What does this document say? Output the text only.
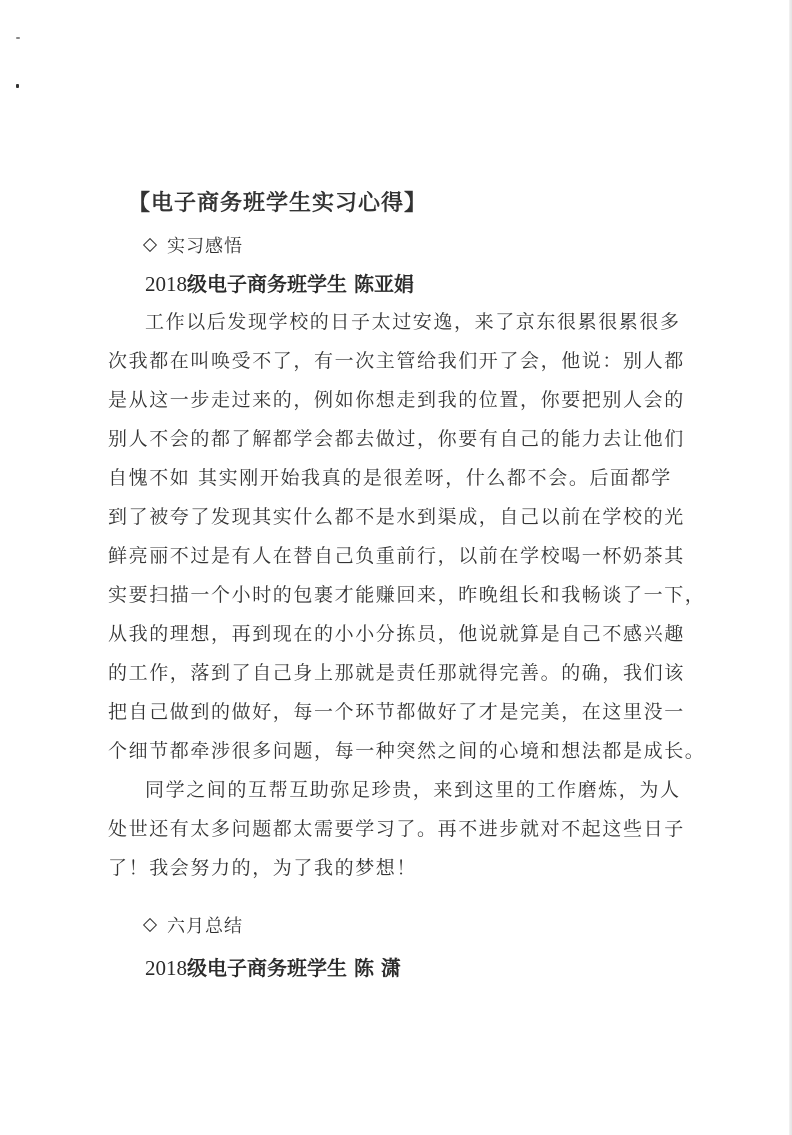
【电子商务班学生实习心得】
实习感悟
2018级电子商务班学生 陈亚娟
工作以后发现学校的日子太过安逸，来了京东很累很累很多
次我都在叫唤受不了，有一次主管给我们开了会，他说：别人都
是从这一步走过来的，例如你想走到我的位置，你要把别人会的
别人不会的都了解都学会都去做过，你要有自己的能力去让他们
自愧不如 其实刚开始我真的是很差呀，什么都不会。后面都学
到了被夸了发现其实什么都不是水到渠成，自己以前在学校的光
鲜亮丽不过是有人在替自己负重前行，以前在学校喝一杯奶茶其
实要扫描一个小时的包裹才能赚回来，昨晚组长和我畅谈了一下，
从我的理想，再到现在的小小分拣员，他说就算是自己不感兴趣
的工作，落到了自己身上那就是责任那就得完善。的确，我们该
把自己做到的做好，每一个环节都做好了才是完美，在这里没一
个细节都牵涉很多问题，每一种突然之间的心境和想法都是成长。
同学之间的互帮互助弥足珍贵，来到这里的工作磨炼，为人
处世还有太多问题都太需要学习了。再不进步就对不起这些日子
了！我会努力的，为了我的梦想！
六月总结
2018级电子商务班学生 陈 潇
